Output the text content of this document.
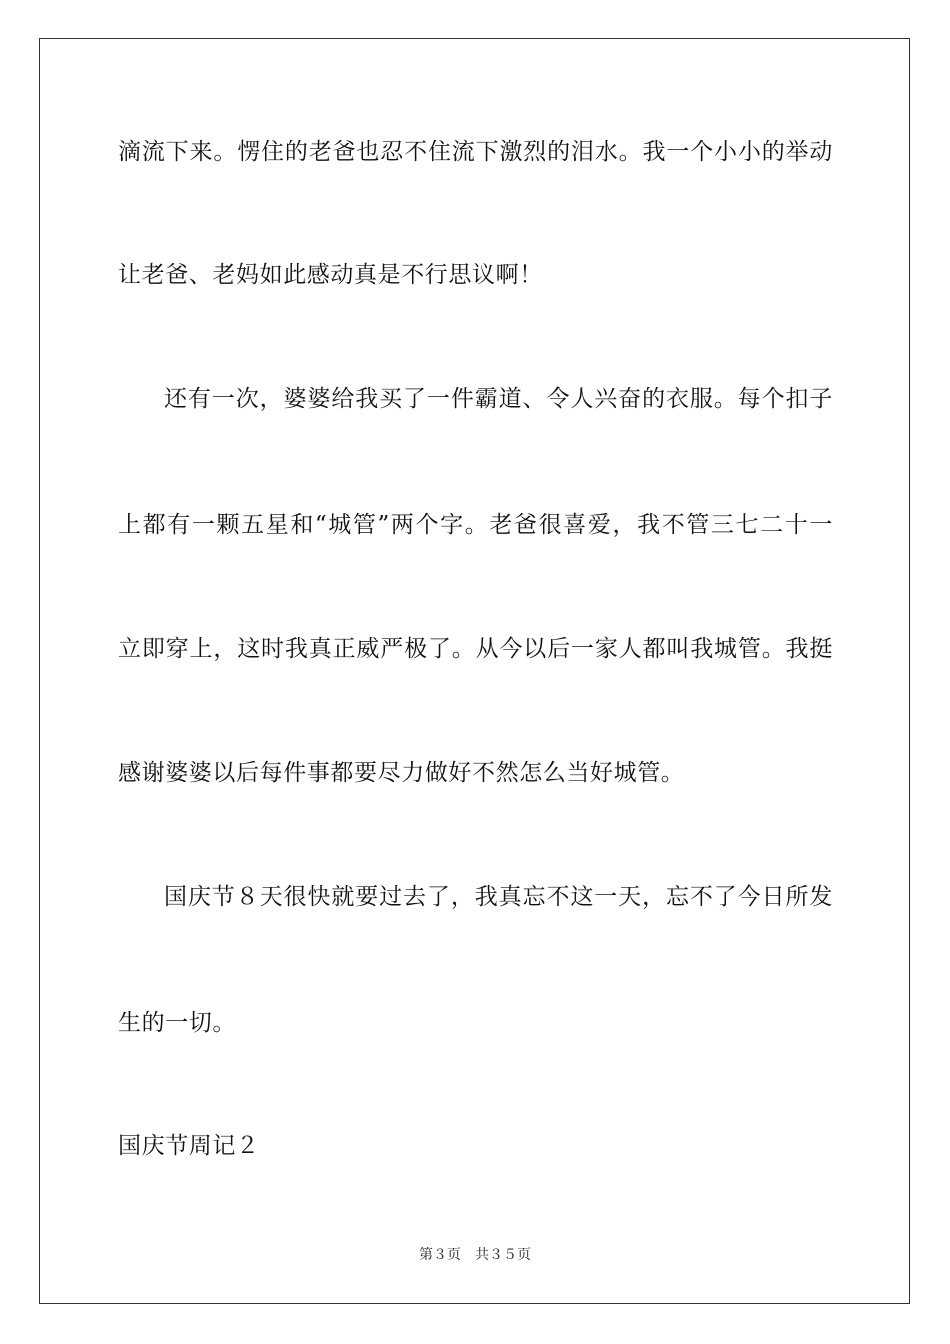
滴流下来。愣住的老爸也忍不住流下激烈的泪水。我一个小小的举动
让老爸、老妈如此感动真是不行思议啊！
还有一次，婆婆给我买了一件霸道、令人兴奋的衣服。每个扣子
上都有一颗五星和“城管”两个字。老爸很喜爱，我不管三七二十一
立即穿上，这时我真正威严极了。从今以后一家人都叫我城管。我挺
感谢婆婆以后每件事都要尽力做好不然怎么当好城管。
国庆节８天很快就要过去了，我真忘不这一天，忘不了今日所发
生的一切。
国庆节周记２
第３页 共３５页
